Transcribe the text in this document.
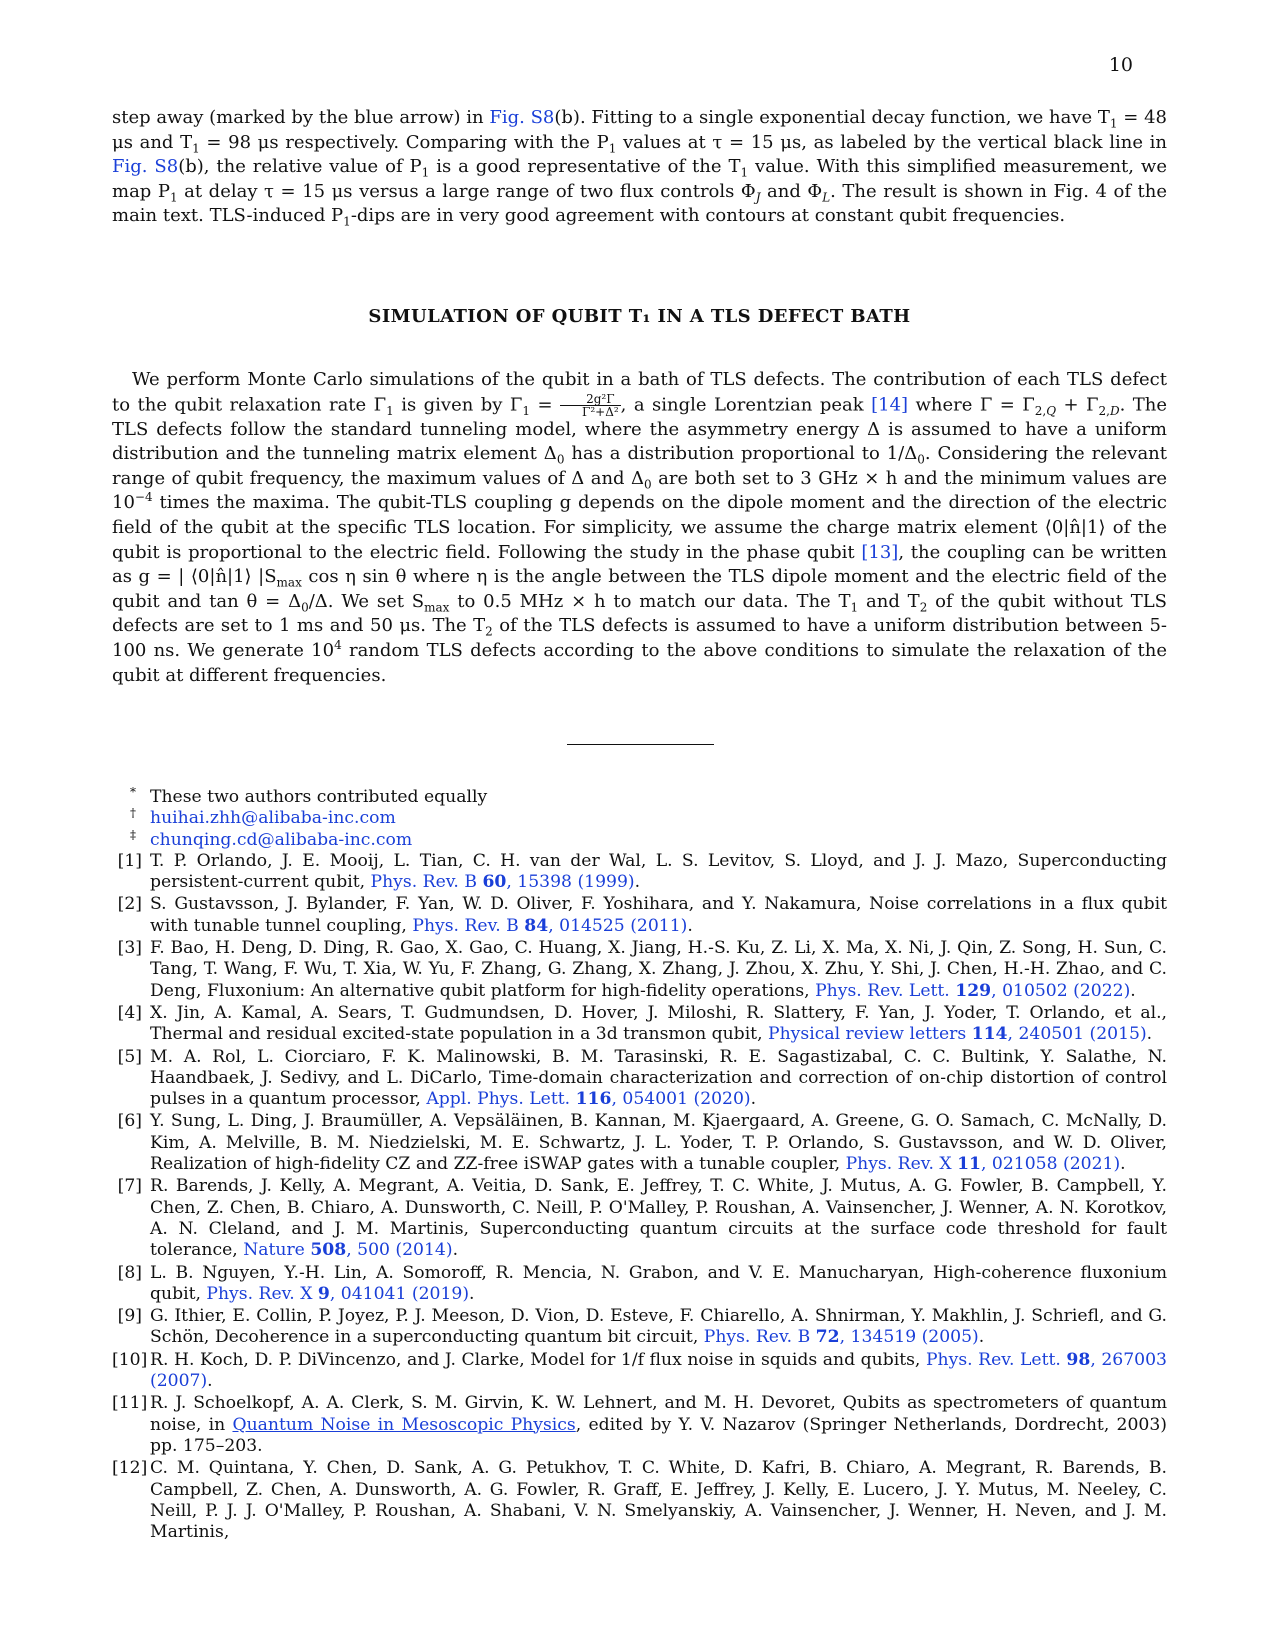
10

step away (marked by the blue arrow) in Fig. S8(b). Fitting to a single exponential decay function, we have $T_1 = 48$ μs and $T_1 = 98$ μs respectively. Comparing with the $P_1$ values at τ = 15 μs, as labeled by the vertical black line in Fig. S8(b), the relative value of $P_1$ is a good representative of the $T_1$ value. With this simplified measurement, we map $P_1$ at delay τ = 15 μs versus a large range of two flux controls $\Phi_J$ and $\Phi_L$. The result is shown in Fig. 4 of the main text. TLS-induced $P_1$-dips are in very good agreement with contours at constant qubit frequencies.

SIMULATION OF QUBIT T₁ IN A TLS DEFECT BATH

We perform Monte Carlo simulations of the qubit in a bath of TLS defects. The contribution of each TLS defect to the qubit relaxation rate $\Gamma_1$ is given by $\Gamma_1 = \frac{\text{2g²Γ}}{\text{Γ²+Δ²}}$ , a single Lorentzian peak [14] where $\Gamma = \Gamma_{2,Q} + \Gamma_{2,D}$. The TLS defects follow the standard tunneling model, where the asymmetry energy Δ is assumed to have a uniform distribution and the tunneling matrix element $\Delta_0$ has a distribution proportional to $1/\Delta_0$. Considering the relevant range of qubit frequency, the maximum values of Δ and $\Delta_0$ are both set to 3 GHz × h and the minimum values are $10^{-4}$ times the maxima. The qubit-TLS coupling g depends on the dipole moment and the direction of the electric field of the qubit at the specific TLS location. For simplicity, we assume the charge matrix element ⟨0|n̂|1⟩ of the qubit is proportional to the electric field. Following the study in the phase qubit [13], the coupling can be written as g = | ⟨0|n̂|1⟩ $|S_{max}$ cos η sin θ where η is the angle between the TLS dipole moment and the electric field of the qubit and $\tan \theta = \Delta_0/\Delta$. We set $S_{max}$ to 0.5 MHz × h to match our data. The $T_1$ and $T_2$ of the qubit without TLS defects are set to 1 ms and 50 μs. The $T_2$ of the TLS defects is assumed to have a uniform distribution between 5-100 ns. We generate $10^4$ random TLS defects according to the above conditions to simulate the relaxation of the qubit at different frequencies.

* These two authors contributed equally
† huihai.zhh@alibaba-inc.com
‡ chunqing.cd@alibaba-inc.com
[1] T. P. Orlando, J. E. Mooij, L. Tian, C. H. van der Wal, L. S. Levitov, S. Lloyd, and J. J. Mazo, Superconducting persistent-current qubit, Phys. Rev. B 60, 15398 (1999).
[2] S. Gustavsson, J. Bylander, F. Yan, W. D. Oliver, F. Yoshihara, and Y. Nakamura, Noise correlations in a flux qubit with tunable tunnel coupling, Phys. Rev. B 84, 014525 (2011).
[3] F. Bao, H. Deng, D. Ding, R. Gao, X. Gao, C. Huang, X. Jiang, H.-S. Ku, Z. Li, X. Ma, X. Ni, J. Qin, Z. Song, H. Sun, C. Tang, T. Wang, F. Wu, T. Xia, W. Yu, F. Zhang, G. Zhang, X. Zhang, J. Zhou, X. Zhu, Y. Shi, J. Chen, H.-H. Zhao, and C. Deng, Fluxonium: An alternative qubit platform for high-fidelity operations, Phys. Rev. Lett. 129, 010502 (2022).
[4] X. Jin, A. Kamal, A. Sears, T. Gudmundsen, D. Hover, J. Miloshi, R. Slattery, F. Yan, J. Yoder, T. Orlando, et al., Thermal and residual excited-state population in a 3d transmon qubit, Physical review letters 114, 240501 (2015).
[5] M. A. Rol, L. Ciorciaro, F. K. Malinowski, B. M. Tarasinski, R. E. Sagastizabal, C. C. Bultink, Y. Salathe, N. Haandbaek, J. Sedivy, and L. DiCarlo, Time-domain characterization and correction of on-chip distortion of control pulses in a quantum processor, Appl. Phys. Lett. 116, 054001 (2020).
[6] Y. Sung, L. Ding, J. Braumüller, A. Vepsäläinen, B. Kannan, M. Kjaergaard, A. Greene, G. O. Samach, C. McNally, D. Kim, A. Melville, B. M. Niedzielski, M. E. Schwartz, J. L. Yoder, T. P. Orlando, S. Gustavsson, and W. D. Oliver, Realization of high-fidelity CZ and ZZ-free iSWAP gates with a tunable coupler, Phys. Rev. X 11, 021058 (2021).
[7] R. Barends, J. Kelly, A. Megrant, A. Veitia, D. Sank, E. Jeffrey, T. C. White, J. Mutus, A. G. Fowler, B. Campbell, Y. Chen, Z. Chen, B. Chiaro, A. Dunsworth, C. Neill, P. O'Malley, P. Roushan, A. Vainsencher, J. Wenner, A. N. Korotkov, A. N. Cleland, and J. M. Martinis, Superconducting quantum circuits at the surface code threshold for fault tolerance, Nature 508, 500 (2014).
[8] L. B. Nguyen, Y.-H. Lin, A. Somoroff, R. Mencia, N. Grabon, and V. E. Manucharyan, High-coherence fluxonium qubit, Phys. Rev. X 9, 041041 (2019).
[9] G. Ithier, E. Collin, P. Joyez, P. J. Meeson, D. Vion, D. Esteve, F. Chiarello, A. Shnirman, Y. Makhlin, J. Schriefl, and G. Schön, Decoherence in a superconducting quantum bit circuit, Phys. Rev. B 72, 134519 (2005).
[10] R. H. Koch, D. P. DiVincenzo, and J. Clarke, Model for 1/f flux noise in squids and qubits, Phys. Rev. Lett. 98, 267003 (2007).
[11] R. J. Schoelkopf, A. A. Clerk, S. M. Girvin, K. W. Lehnert, and M. H. Devoret, Qubits as spectrometers of quantum noise, in Quantum Noise in Mesoscopic Physics, edited by Y. V. Nazarov (Springer Netherlands, Dordrecht, 2003) pp. 175–203.
[12] C. M. Quintana, Y. Chen, D. Sank, A. G. Petukhov, T. C. White, D. Kafri, B. Chiaro, A. Megrant, R. Barends, B. Campbell, Z. Chen, A. Dunsworth, A. G. Fowler, R. Graff, E. Jeffrey, J. Kelly, E. Lucero, J. Y. Mutus, M. Neeley, C. Neill, P. J. J. O'Malley, P. Roushan, A. Shabani, V. N. Smelyanskiy, A. Vainsencher, J. Wenner, H. Neven, and J. M. Martinis,
